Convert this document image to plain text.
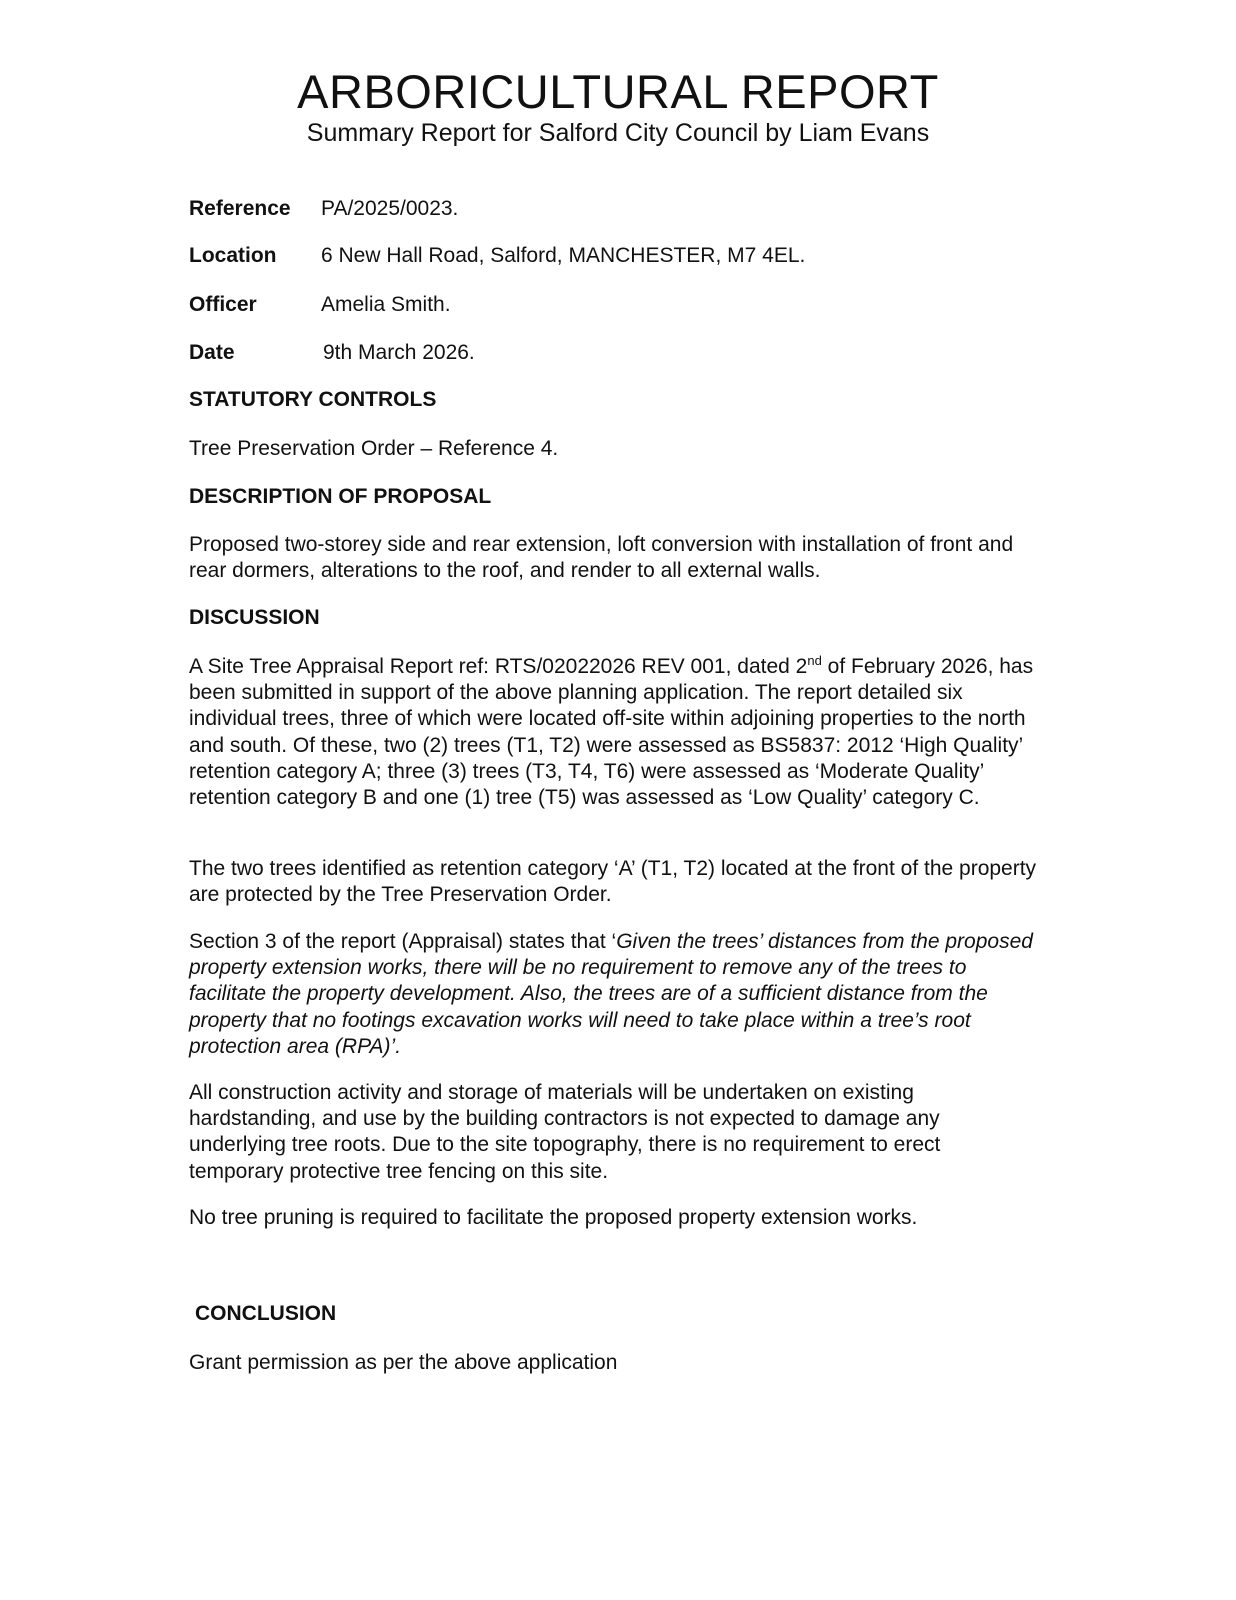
ARBORICULTURAL REPORT
Summary Report for Salford City Council by Liam Evans
Reference PA/2025/0023.
Location 6 New Hall Road, Salford, MANCHESTER, M7 4EL.
Officer	Amelia Smith.
Date	9th March 2026.
STATUTORY CONTROLS

Tree Preservation Order – Reference 4.

DESCRIPTION OF PROPOSAL

Proposed two-storey side and rear extension, loft conversion with installation of front and rear dormers, alterations to the roof, and render to all external walls.

DISCUSSION

A Site Tree Appraisal Report ref: RTS/02022026 REV 001, dated 2nd of February 2026, has been submitted in support of the above planning application. The report detailed six individual trees, three of which were located off-site within adjoining properties to the north and south. Of these, two (2) trees (T1, T2) were assessed as BS5837: 2012 ‘High Quality’ retention category A; three (3) trees (T3, T4, T6) were assessed as ‘Moderate Quality’ retention category B and one (1) tree (T5) was assessed as ‘Low Quality’ category C.

The two trees identified as retention category ‘A’ (T1, T2) located at the front of the property are protected by the Tree Preservation Order.

Section 3 of the report (Appraisal) states that ‘Given the trees’ distances from the proposed property extension works, there will be no requirement to remove any of the trees to facilitate the property development. Also, the trees are of a sufficient distance from the property that no footings excavation works will need to take place within a tree’s root protection area (RPA)’.

All construction activity and storage of materials will be undertaken on existing hardstanding, and use by the building contractors is not expected to damage any underlying tree roots. Due to the site topography, there is no requirement to erect temporary protective tree fencing on this site.

No tree pruning is required to facilitate the proposed property extension works.

CONCLUSION

Grant permission as per the above application
